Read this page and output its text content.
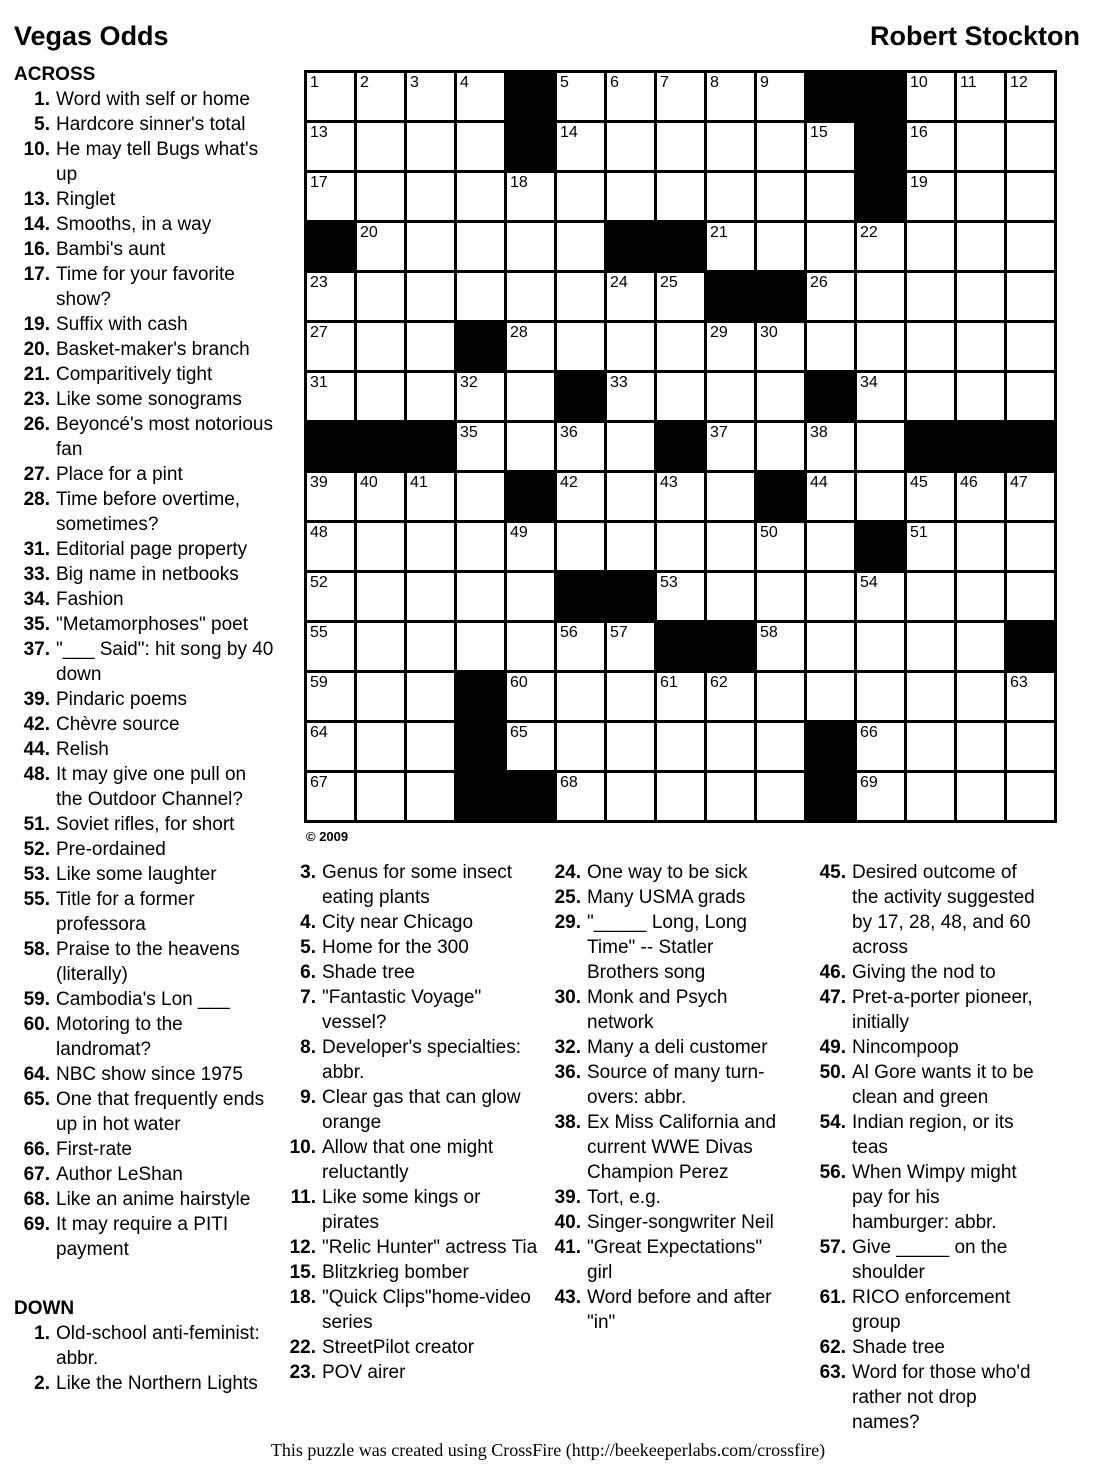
Vegas Odds	Robert Stockton
ACROSS
1. Word with self or home
5. Hardcore sinner's total
10. He may tell Bugs what's up
13. Ringlet
14. Smooths, in a way
16. Bambi's aunt
17. Time for your favorite show?
19. Suffix with cash
20. Basket-maker's branch
21. Comparitively tight
23. Like some sonograms
26. Beyoncé's most notorious fan
27. Place for a pint
28. Time before overtime, sometimes?
31. Editorial page property
33. Big name in netbooks
34. Fashion
35. "Metamorphoses" poet
37. "___ Said": hit song by 40 down
39. Pindaric poems
42. Chèvre source
44. Relish
48. It may give one pull on the Outdoor Channel?
51. Soviet rifles, for short
52. Pre-ordained
53. Like some laughter
55. Title for a former professora
58. Praise to the heavens (literally)
59. Cambodia's Lon ___
60. Motoring to the landromat?
64. NBC show since 1975
65. One that frequently ends up in hot water
66. First-rate
67. Author LeShan
68. Like an anime hairstyle
69. It may require a PITI payment
1	2	3	4	5	6	7	8	9	10 11 12
13	14	15	16
17	18	19
20	21	22
23	24 25	26
27	28	29 30
31	32	33	34
35	36	37	38
39 40 41	42	43	44	45 46 47
48	49	50	51
52	53	54
55	56 57	58
59	60	61 62	63
64	65	66
67	68	69
© 2009
DOWN
1. Old-school anti-feminist: abbr.
2. Like the Northern Lights
3. Genus for some insect eating plants
4. City near Chicago
5. Home for the 300
6. Shade tree
7. "Fantastic Voyage" vessel?
8. Developer's specialties: abbr.
9. Clear gas that can glow orange
10. Allow that one might reluctantly
11. Like some kings or pirates
12. "Relic Hunter" actress Tia
15. Blitzkrieg bomber
18. "Quick Clips"home-video series
22. StreetPilot creator
23. POV airer
24. One way to be sick
25. Many USMA grads
29. "_____ Long, Long Time" -- Statler Brothers song
30. Monk and Psych network
32. Many a deli customer
36. Source of many turn-overs: abbr.
38. Ex Miss California and current WWE Divas Champion Perez
39. Tort, e.g.
40. Singer-songwriter Neil
41. "Great Expectations" girl
43. Word before and after "in"
45. Desired outcome of the activity suggested by 17, 28, 48, and 60 across
46. Giving the nod to
47. Pret-a-porter pioneer, initially
49. Nincompoop
50. Al Gore wants it to be clean and green
54. Indian region, or its teas
56. When Wimpy might pay for his hamburger: abbr.
57. Give _____ on the shoulder
61. RICO enforcement group
62. Shade tree
63. Word for those who'd rather not drop names?
This puzzle was created using CrossFire (http://beekeeperlabs.com/crossfire)
